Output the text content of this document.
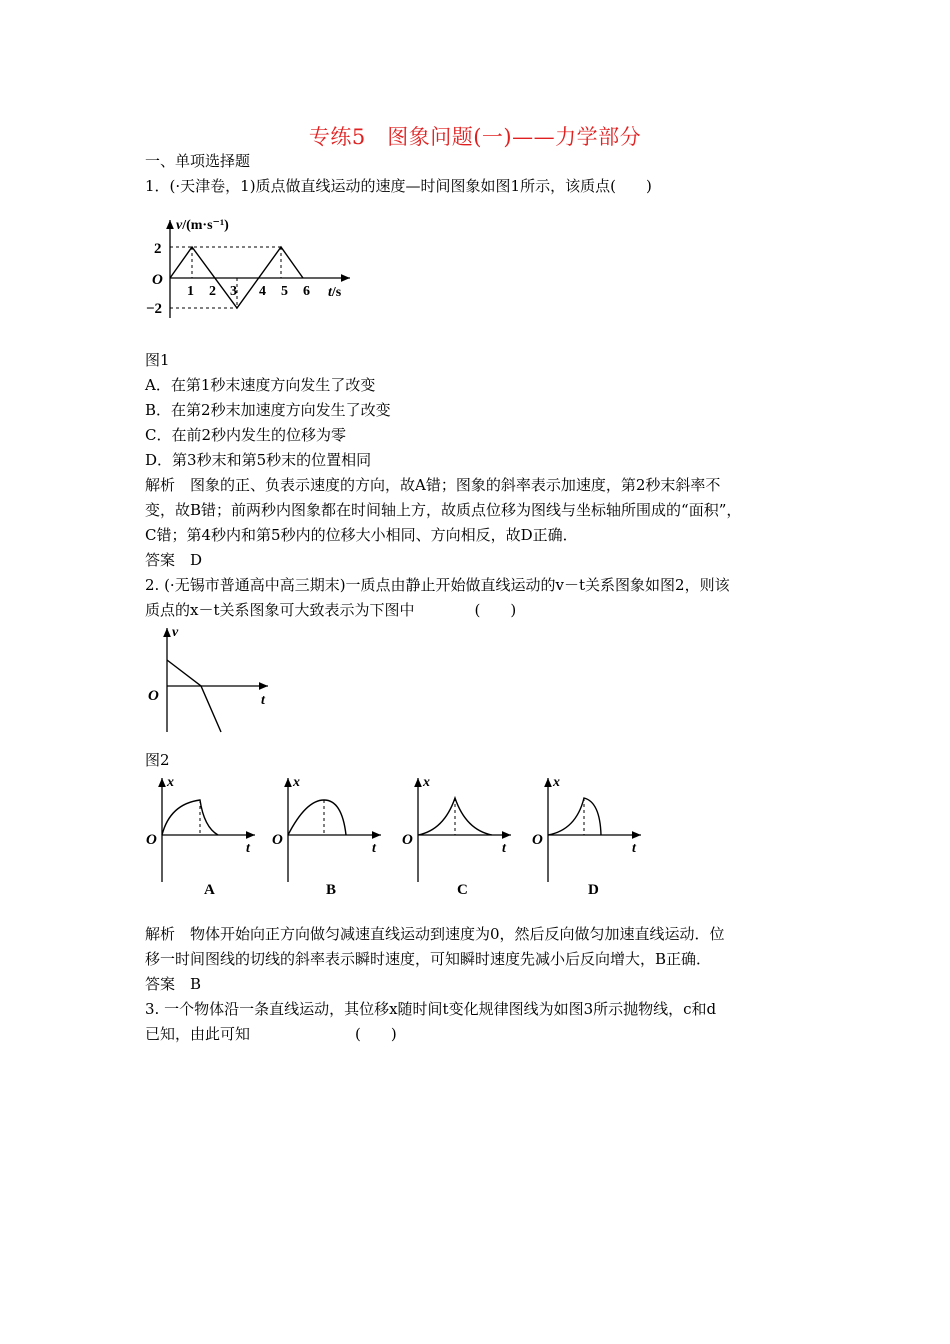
专练5　图象问题(一)——力学部分
一、单项选择题
1．(·天津卷，1)质点做直线运动的速度—时间图象如图1所示，该质点(　　)
v/(m·s⁻¹)
t/s
O
2
−2
1 2 3 4 5 6
图1
A．在第1秒末速度方向发生了改变
B．在第2秒末加速度方向发生了改变
C．在前2秒内发生的位移为零
D．第3秒末和第5秒末的位置相同
解析　图象的正、负表示速度的方向，故A错；图象的斜率表示加速度，第2秒末斜率不
变，故B错；前两秒内图象都在时间轴上方，故质点位移为图线与坐标轴所围成的“面积”，
C错；第4秒内和第5秒内的位移大小相同、方向相反，故D正确．
答案　D
2. (·无锡市普通高中高三期末)一质点由静止开始做直线运动的v－t关系图象如图2，则该
质点的x－t关系图象可大致表示为下图中　　　　(　　)
v
t
O
图2
x
t
O
A
x
t
O
B
x
t
O
C
x
t
O
D
解析　物体开始向正方向做匀减速直线运动到速度为0，然后反向做匀加速直线运动．位
移一时间图线的切线的斜率表示瞬时速度，可知瞬时速度先减小后反向增大，B正确．
答案　B
3. 一个物体沿一条直线运动，其位移x随时间t变化规律图线为如图3所示抛物线，c和d
已知，由此可知　　　　　　　(　　)
